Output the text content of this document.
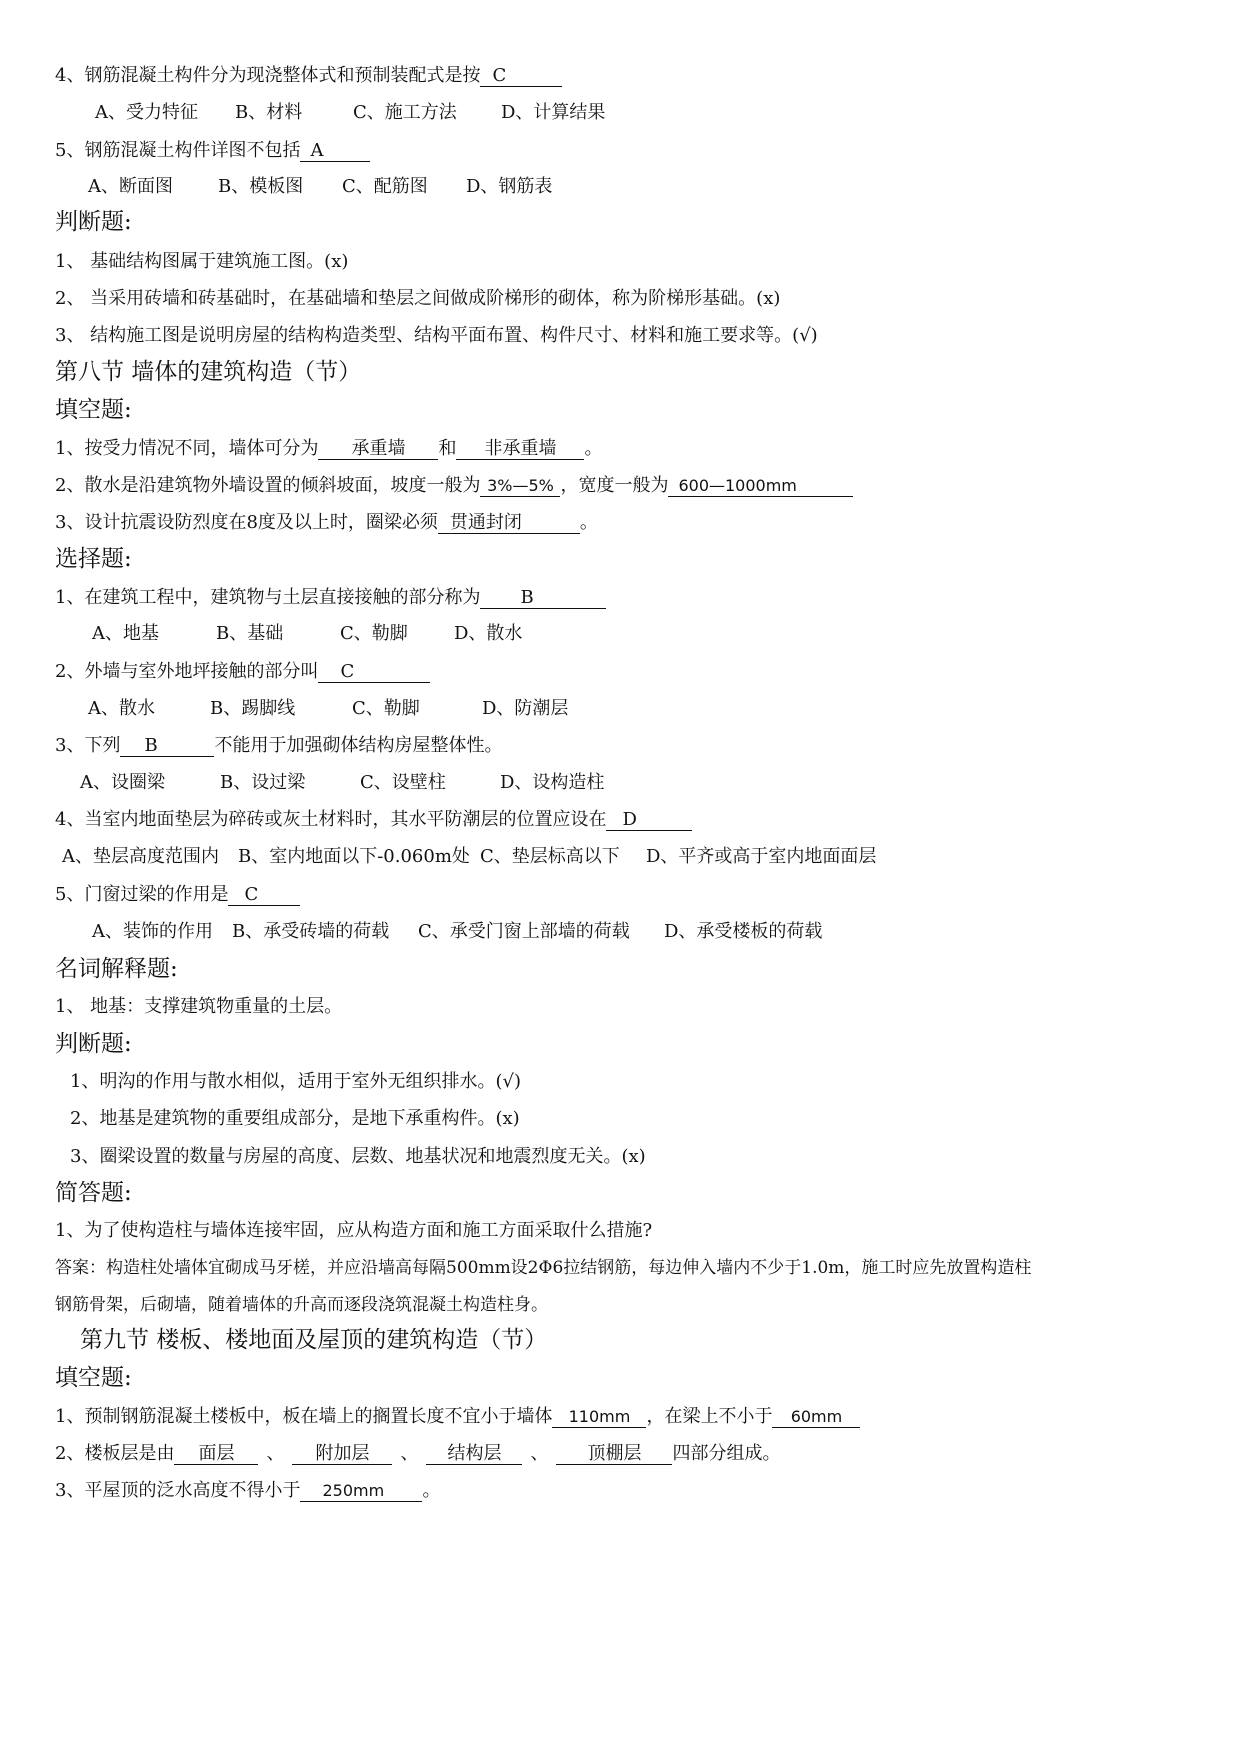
4、钢筋混凝土构件分为现浇整体式和预制装配式是按 C
A、受力特征 B、材料	C、施工方法 D、计算结果
5、钢筋混凝土构件详图不包括 A
A、断面图	B、模板图 C、配筋图 D、钢筋表
判断题:
1、 基础结构图属于建筑施工图。(x)
2、 当采用砖墙和砖基础时，在基础墙和垫层之间做成阶梯形的砌体，称为阶梯形基础。(x)
3、 结构施工图是说明房屋的结构构造类型、结构平面布置、构件尺寸、材料和施工要求等。(√)
第八节 墙体的建筑构造（节）
填空题:
1、按受力情况不同，墙体可分为 承重墙 和 非承重墙 。
2、散水是沿建筑物外墙设置的倾斜坡面，坡度一般为 3%—5% ，宽度一般为 600—1000mm
3、设计抗震设防烈度在8度及以上时，圈梁必须 贯通封闭	。
选择题:
1、在建筑工程中，建筑物与土层直接接触的部分称为 B
A、地基	B、基础	C、勒脚	D、散水
2、外墙与室外地坪接触的部分叫 C
A、散水	B、踢脚线	C、勒脚	D、防潮层
3、下列 B	不能用于加强砌体结构房屋整体性。
A、设圈梁	B、设过梁	C、设壁柱	D、设构造柱
4、当室内地面垫层为碎砖或灰土材料时，其水平防潮层的位置应设在 D
A、垫层高度范围内 B、室内地面以下-0.060m处 C、垫层标高以下 D、平齐或高于室内地面面层
5、门窗过梁的作用是 C
A、装饰的作用 B、承受砖墙的荷载 C、承受门窗上部墙的荷载 D、承受楼板的荷载
名词解释题:
1、 地基：支撑建筑物重量的土层。
判断题:
1、明沟的作用与散水相似，适用于室外无组织排水。(√)
2、地基是建筑物的重要组成部分，是地下承重构件。(x)
3、圈梁设置的数量与房屋的高度、层数、地基状况和地震烈度无关。(x)
简答题:
1、为了使构造柱与墙体连接牢固，应从构造方面和施工方面采取什么措施?
答案：构造柱处墙体宜砌成马牙槎，并应沿墙高每隔500mm设2Φ6拉结钢筋，每边伸入墙内不少于1.0m，施工时应先放置构造柱
钢筋骨架，后砌墙，随着墙体的升高而逐段浇筑混凝土构造柱身。
第九节 楼板、楼地面及屋顶的建筑构造（节）
填空题:
1、预制钢筋混凝土楼板中，板在墙上的搁置长度不宜小于墙体 110mm ，在梁上不小于 60mm
2、楼板层是由 面层 、 附加层 、 结构层 、 顶棚层 四部分组成。
3、平屋顶的泛水高度不得小于 250mm 。
